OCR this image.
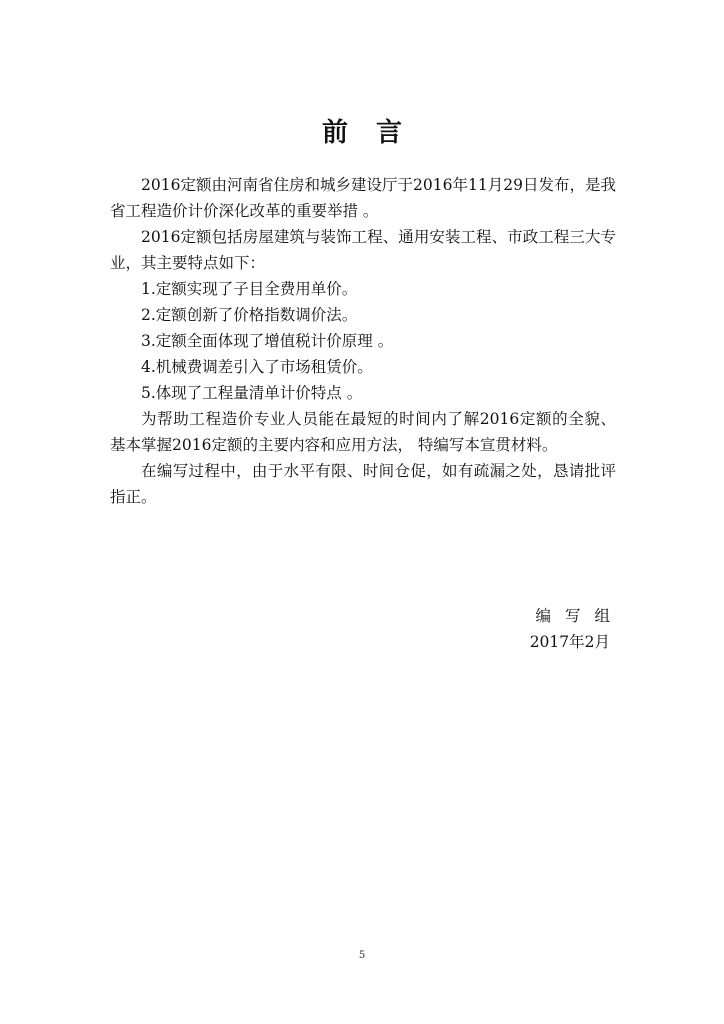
前 言

2016定额由河南省住房和城乡建设厅于2016年11月29日发布，是我省工程造价计价深化改革的重要举措 。

2016定额包括房屋建筑与装饰工程、通用安装工程、市政工程三大专业，其主要特点如下：

1.定额实现了子目全费用单价。

2.定额创新了价格指数调价法。

3.定额全面体现了增值税计价原理 。

4.机械费调差引入了市场租赁价。

5.体现了工程量清单计价特点 。

为帮助工程造价专业人员能在最短的时间内了解2016定额的全貌、 基本掌握2016定额的主要内容和应用方法， 特编写本宣贯材料。

在编写过程中，由于水平有限、时间仓促，如有疏漏之处，恳请批评指正。

编写组
2017年2月
5
